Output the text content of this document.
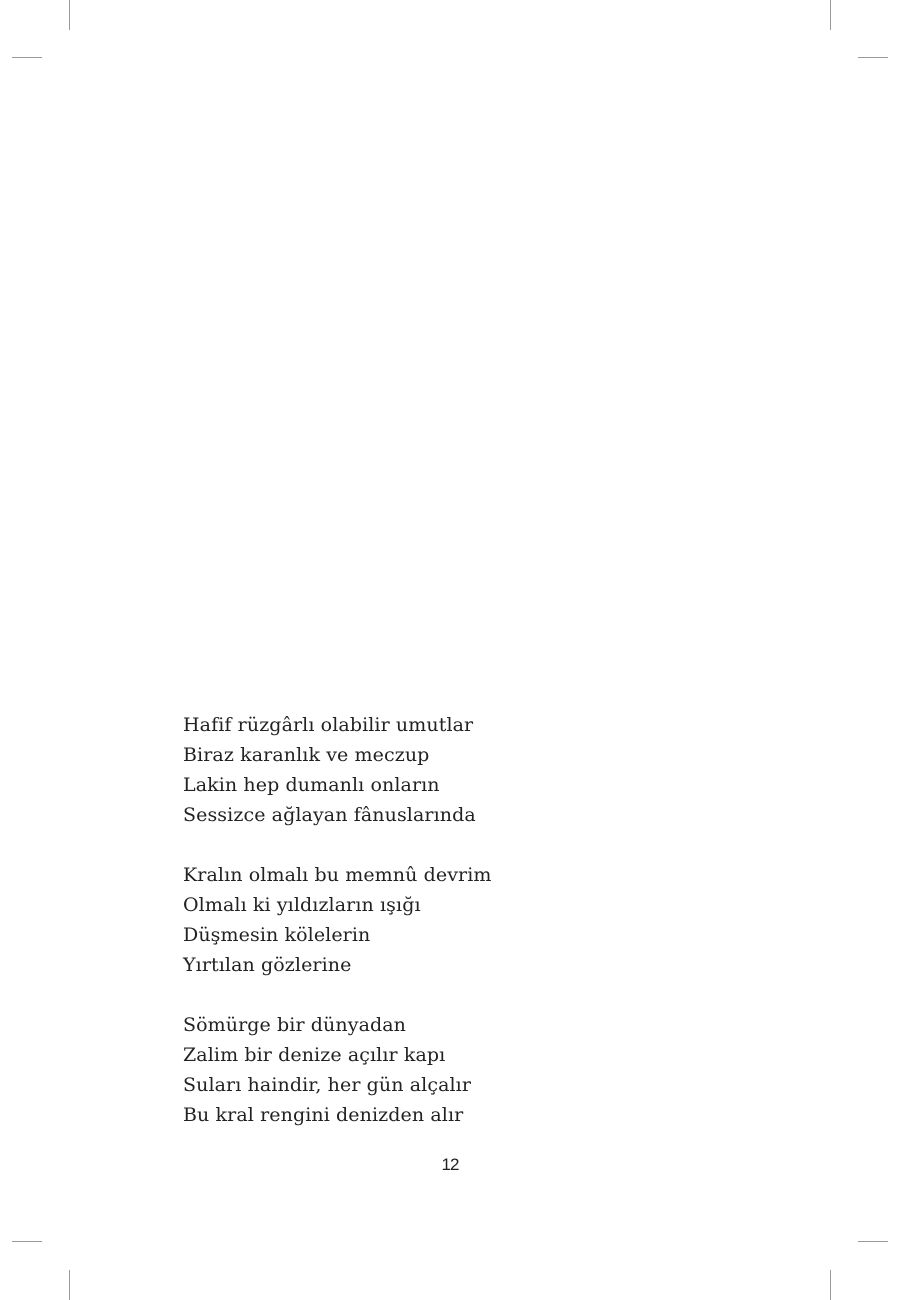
Hafif rüzgârlı olabilir umutlar
Biraz karanlık ve meczup
Lakin hep dumanlı onların
Sessizce ağlayan fânuslarında
Kralın olmalı bu memnû devrim
Olmalı ki yıldızların ışığı
Düşmesin kölelerin
Yırtılan gözlerine
Sömürge bir dünyadan
Zalim bir denize açılır kapı
Suları haindir, her gün alçalır
Bu kral rengini denizden alır
12
